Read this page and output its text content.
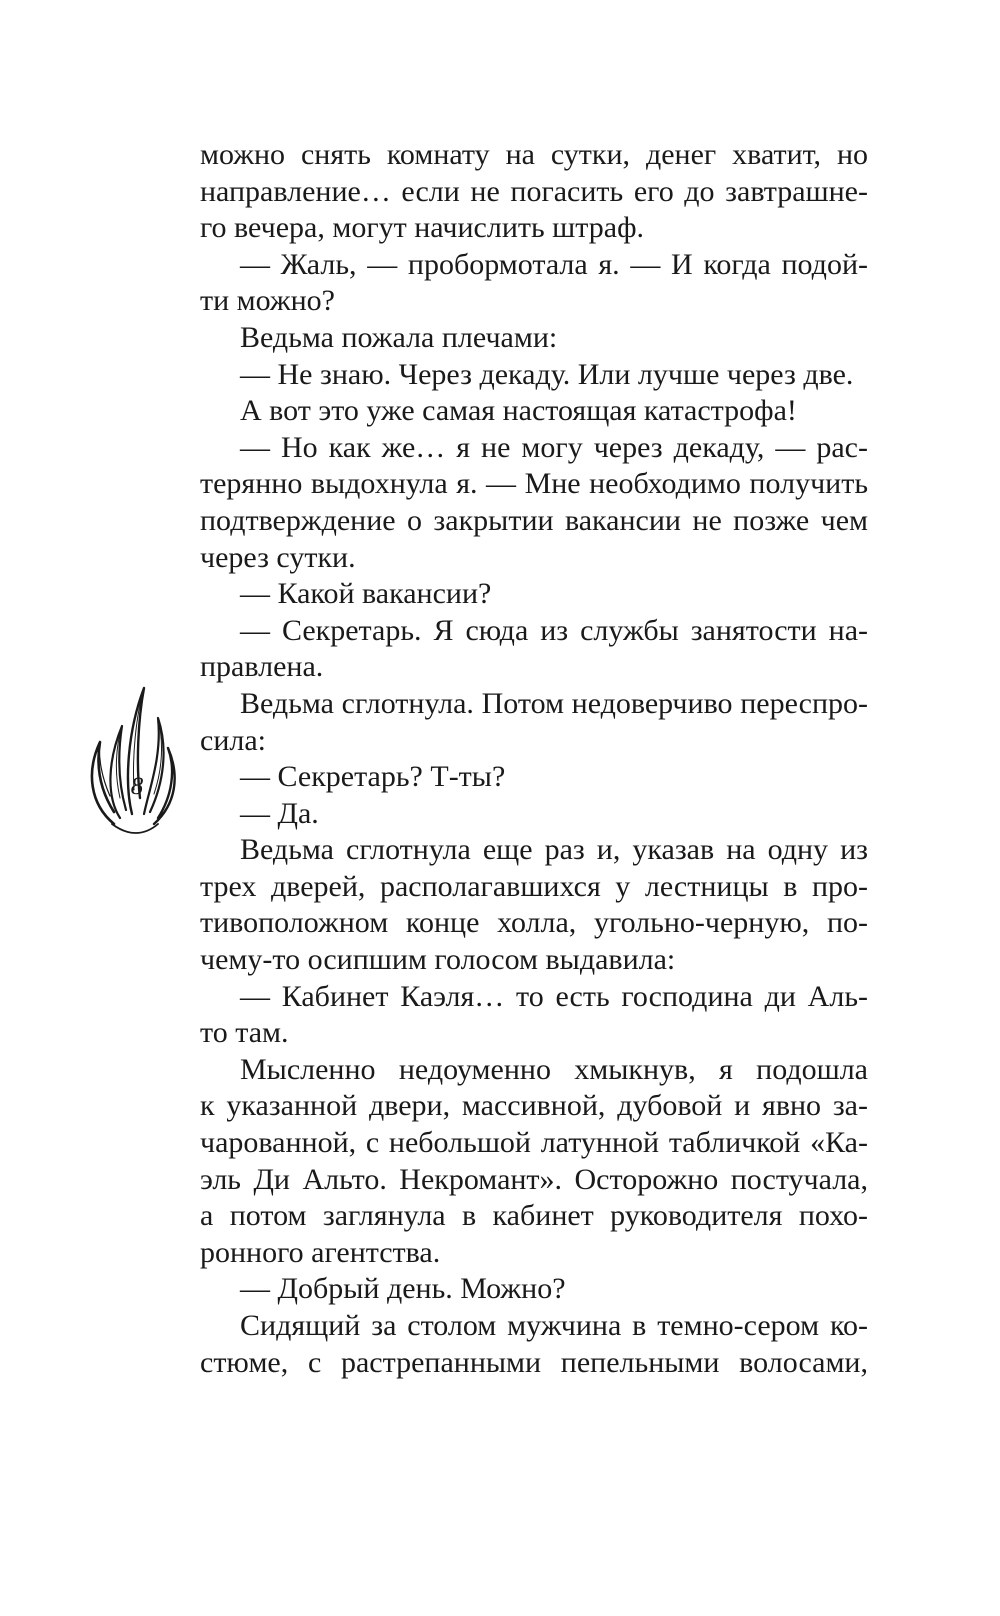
можно снять комнату на сутки, денег хватит, но
направление… если не погасить его до завтрашне-
го вечера, могут начислить штраф.
— Жаль, — пробормотала я. — И когда подой-
ти можно?
Ведьма пожала плечами:
— Не знаю. Через декаду. Или лучше через две.
А вот это уже самая настоящая катастрофа!
— Но как же… я не могу через декаду, — рас-
терянно выдохнула я. — Мне необходимо получить
подтверждение о закрытии вакансии не позже чем
через сутки.
— Какой вакансии?
— Секретарь. Я сюда из службы занятости на-
правлена.
Ведьма сглотнула. Потом недоверчиво переспро-
сила:
— Секретарь? Т-ты?
— Да.
Ведьма сглотнула еще раз и, указав на одну из
трех дверей, располагавшихся у лестницы в про-
тивоположном конце холла, угольно-черную, по-
чему-то осипшим голосом выдавила:
— Кабинет Каэля… то есть господина ди Аль-
то там.
Мысленно недоуменно хмыкнув, я подошла
к указанной двери, массивной, дубовой и явно за-
чарованной, с небольшой латунной табличкой «Ка-
эль Ди Альто. Некромант». Осторожно постучала,
а потом заглянула в кабинет руководителя похо-
ронного агентства.
— Добрый день. Можно?
Сидящий за столом мужчина в темно-сером ко-
стюме, с растрепанными пепельными волосами,
8
